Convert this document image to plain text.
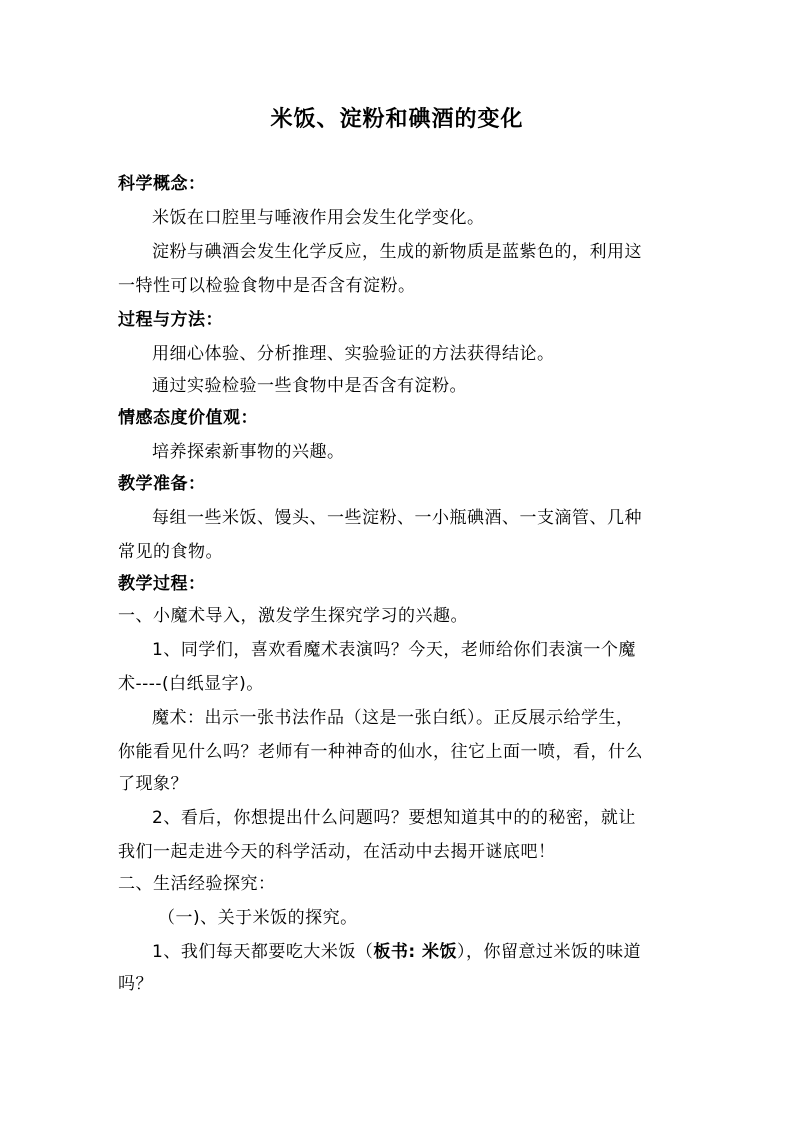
米饭、淀粉和碘酒的变化
科学概念：
米饭在口腔里与唾液作用会发生化学变化。
淀粉与碘酒会发生化学反应，生成的新物质是蓝紫色的，利用这
一特性可以检验食物中是否含有淀粉。
过程与方法：
用细心体验、分析推理、实验验证的方法获得结论。
通过实验检验一些食物中是否含有淀粉。
情感态度价值观：
培养探索新事物的兴趣。
教学准备：
每组一些米饭、馒头、一些淀粉、一小瓶碘酒、一支滴管、几种
常见的食物。
教学过程：
一、小魔术导入，激发学生探究学习的兴趣。
1、同学们，喜欢看魔术表演吗？今天，老师给你们表演一个魔
术----(白纸显字)。
魔术：出示一张书法作品（这是一张白纸）。正反展示给学生，
你能看见什么吗？老师有一种神奇的仙水，往它上面一喷，看，什么
了现象？
2、看后，你想提出什么问题吗？要想知道其中的的秘密，就让
我们一起走进今天的科学活动，在活动中去揭开谜底吧！
二、生活经验探究：
（一)、关于米饭的探究。
1、我们每天都要吃大米饭（板书: 米饭），你留意过米饭的味道
吗？
